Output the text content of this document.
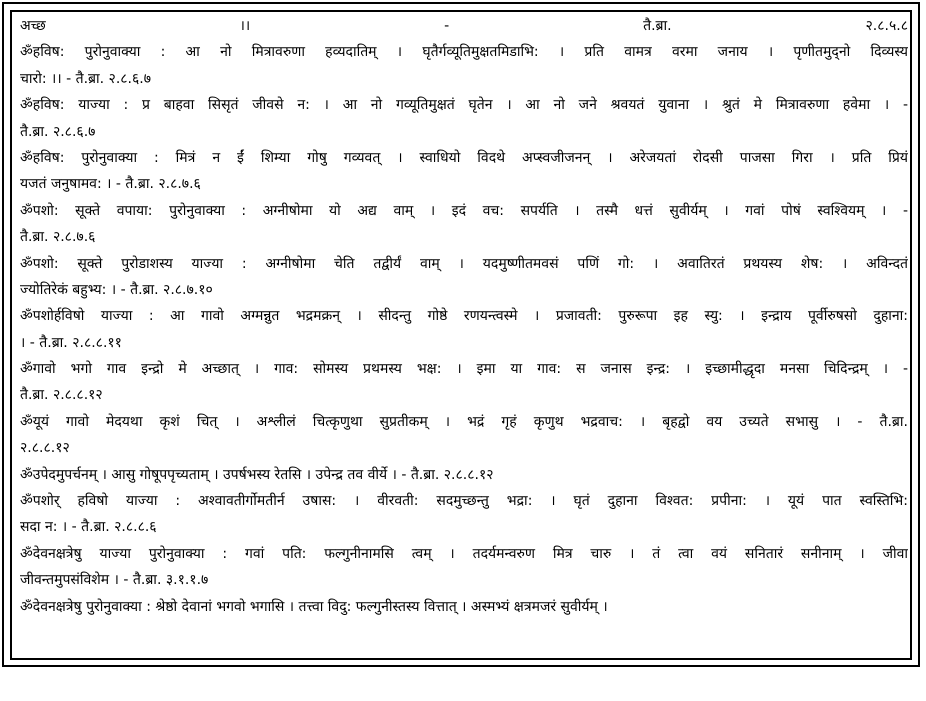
अच्छ ।। - तै.ब्रा. २.८.५.८
ॐहविष: पुरोनुवाक्या : आ नो मित्रावरुणा हव्यदातिम् । घृतैर्गव्यूतिमुक्षतमिडाभि: । प्रति वामत्र वरमा जनाय । पृणीतमुद्नो दिव्यस्य
चारो: ।। - तै.ब्रा. २.८.६.७
ॐहविष: याज्या : प्र बाहवा सिसृतं जीवसे न: । आ नो गव्यूतिमुक्षतं घृतेन । आ नो जने श्रवयतं युवाना । श्रुतं मे मित्रावरुणा हवेमा । -
तै.ब्रा. २.८.६.७
ॐहविष: पुरोनुवाक्या : मित्रं न ईं शिम्या गोषु गव्यवत् । स्वाधियो विदथे अप्स्वजीजनन् । अरेजयतां रोदसी पाजसा गिरा । प्रति प्रियं
यजतं जनुषामव: । - तै.ब्रा. २.८.७.६
ॐपशो: सूक्ते वपाया: पुरोनुवाक्या : अग्नीषोमा यो अद्य वाम् । इदं वच: सपर्यति । तस्मै धत्तं सुवीर्यम् । गवां पोषं स्वश्वियम् । -
तै.ब्रा. २.८.७.६
ॐपशो: सूक्ते पुरोडाशस्य याज्या : अग्नीषोमा चेति तद्वीर्यं वाम् । यदमुष्णीतमवसं पणिं गो: । अवातिरतं प्रथयस्य शेष: । अविन्दतं
ज्योतिरेकं बहुभ्य: । - तै.ब्रा. २.८.७.१०
ॐपशोर्हविषो याज्या : आ गावो अग्मन्नुत भद्रमक्रन् । सीदन्तु गोष्ठे रणयन्त्वस्मे । प्रजावती: पुरुरूपा इह स्यु: । इन्द्राय पूर्वीरुषसो दुहाना:
। - तै.ब्रा. २.८.८.११
ॐगावो भगो गाव इन्द्रो मे अच्छात् । गाव: सोमस्य प्रथमस्य भक्ष: । इमा या गाव: स जनास इन्द्र: । इच्छामीद्धृदा मनसा चिदिन्द्रम् । -
तै.ब्रा. २.८.८.१२
ॐयूयं गावो मेदयथा कृशं चित् । अश्लीलं चित्कृणुथा सुप्रतीकम् । भद्रं गृहं कृणुथ भद्रवाच: । बृहद्वो वय उच्यते सभासु । - तै.ब्रा.
२.८.८.१२
ॐउपेदमुपर्चनम् । आसु गोषूपपृच्यताम् । उपर्षभस्य रेतसि । उपेन्द्र तव वीर्ये । - तै.ब्रा. २.८.८.१२
ॐपशोर् हविषो याज्या : अश्वावतीर्गोमतीर्न उषास: । वीरवती: सदमुच्छन्तु भद्रा: । घृतं दुहाना विश्वत: प्रपीना: । यूयं पात स्वस्तिभि:
सदा न: । - तै.ब्रा. २.८.८.६
ॐदेवनक्षत्रेषु याज्या पुरोनुवाक्या : गवां पति: फल्गुनीनामसि त्वम् । तदर्यमन्वरुण मित्र चारु । तं त्वा वयं सनितारं सनीनाम् । जीवा
जीवन्तमुपसंविशेम । - तै.ब्रा. ३.१.१.७
ॐदेवनक्षत्रेषु पुरोनुवाक्या : श्रेष्ठो देवानां भगवो भगासि । तत्त्वा विदु: फल्गुनीस्तस्य वित्तात् । अस्मभ्यं क्षत्रमजरं सुवीर्यम् ।
